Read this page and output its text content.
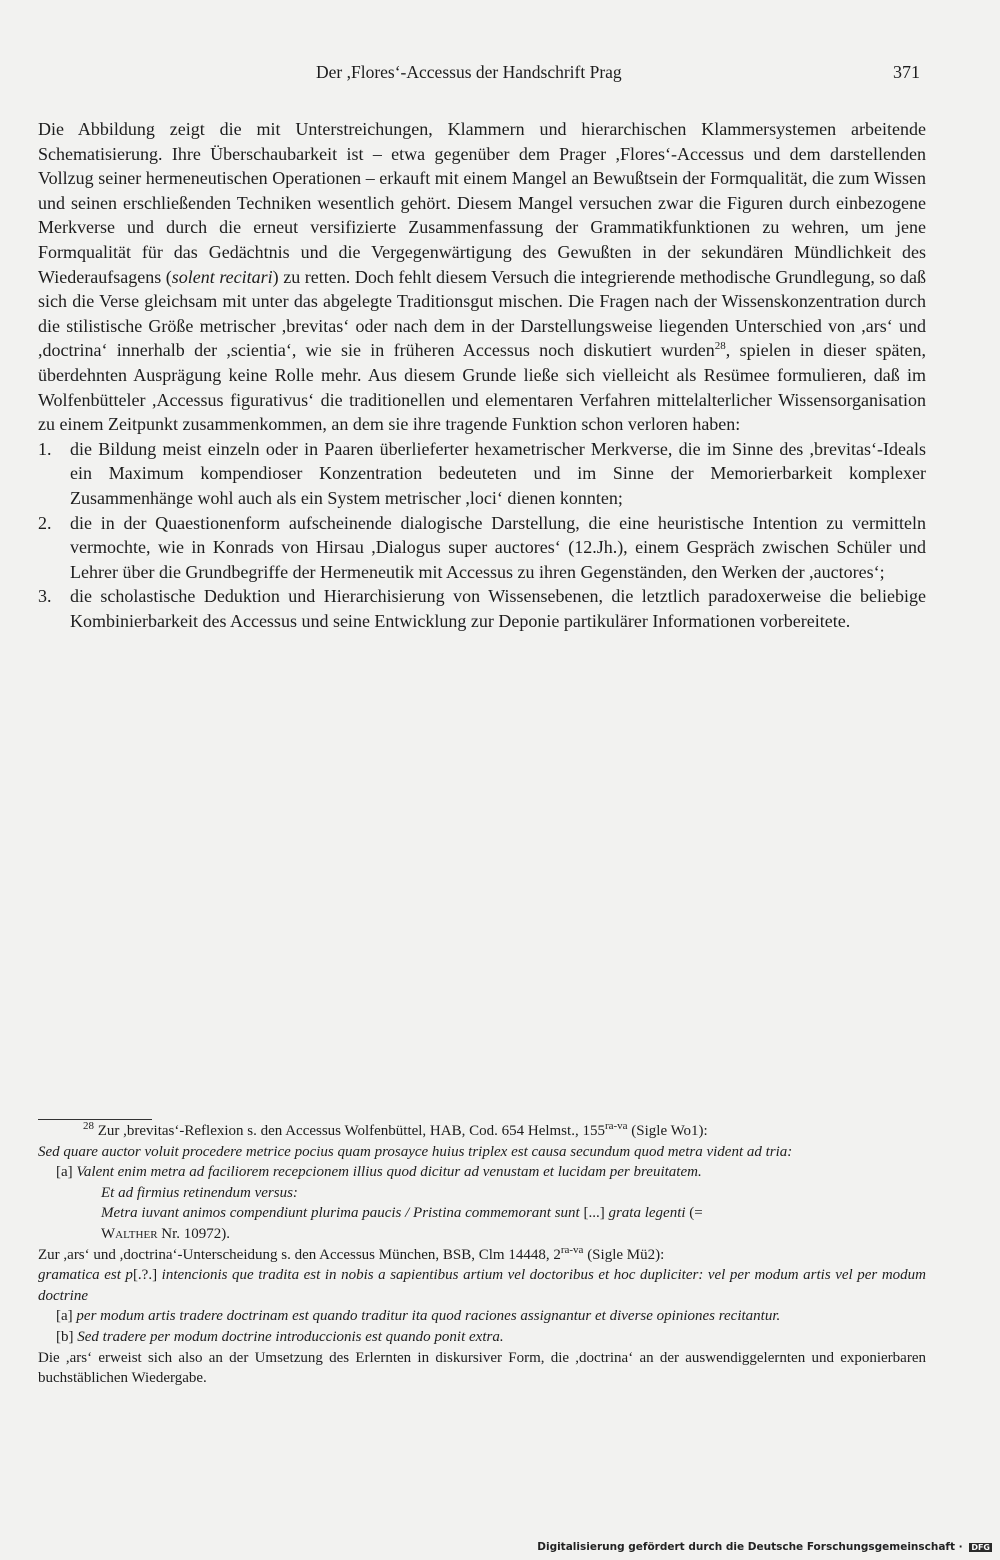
Der ,Flores‘-Accessus der Handschrift Prag	371

Die Abbildung zeigt die mit Unterstreichungen, Klammern und hierarchischen Klammersystemen arbeitende Schematisierung. Ihre Überschaubarkeit ist – etwa gegenüber dem Prager ,Flores‘-Accessus und dem darstellenden Vollzug seiner hermeneutischen Operationen – erkauft mit einem Mangel an Bewußtsein der Formqualität, die zum Wissen und seinen erschließenden Techniken wesentlich gehört. Diesem Mangel versuchen zwar die Figuren durch einbezogene Merkverse und durch die erneut versifizierte Zusammenfassung der Grammatikfunktionen zu wehren, um jene Formqualität für das Gedächtnis und die Vergegenwärtigung des Gewußten in der sekundären Mündlichkeit des Wiederaufsagens (solent recitari) zu retten. Doch fehlt diesem Versuch die integrierende methodische Grundlegung, so daß sich die Verse gleichsam mit unter das abgelegte Traditionsgut mischen. Die Fragen nach der Wissenskonzentration durch die stilistische Größe metrischer ,brevitas‘ oder nach dem in der Darstellungsweise liegenden Unterschied von ,ars‘ und ,doctrina‘ innerhalb der ,scientia‘, wie sie in früheren Accessus noch diskutiert wurden$^{28}$, spielen in dieser späten, überdehnten Ausprägung keine Rolle mehr. Aus diesem Grunde ließe sich vielleicht als Resümee formulieren, daß im Wolfenbütteler ,Accessus figurativus‘ die traditionellen und elementaren Verfahren mittelalterlicher Wissensorganisation zu einem Zeitpunkt zusammenkommen, an dem sie ihre tragende Funktion schon verloren haben:

1. die Bildung meist einzeln oder in Paaren überlieferter hexametrischer Merkverse, die im Sinne des ,brevitas‘-Ideals ein Maximum kompendioser Konzentration bedeuteten und im Sinne der Memorierbarkeit komplexer Zusammenhänge wohl auch als ein System metrischer ,loci‘ dienen konnten;
2. die in der Quaestionenform aufscheinende dialogische Darstellung, die eine heuristische Intention zu vermitteln vermochte, wie in Konrads von Hirsau ,Dialogus super auctores‘ (12.Jh.), einem Gespräch zwischen Schüler und Lehrer über die Grundbegriffe der Hermeneutik mit Accessus zu ihren Gegenständen, den Werken der ,auctores‘;
3. die scholastische Deduktion und Hierarchisierung von Wissensebenen, die letztlich paradoxerweise die beliebige Kombinierbarkeit des Accessus und seine Entwicklung zur Deponie partikulärer Informationen vorbereitete.

$^{28}$ Zur ,brevitas‘-Reflexion s. den Accessus Wolfenbüttel, HAB, Cod. 654 Helmst., $155^{ra-va}$ (Sigle Wo1):

Sed quare auctor voluit procedere metrice pocius quam prosayce huius triplex est causa secundum quod metra vident ad tria:

[a] Valent enim metra ad faciliorem recepcionem illius quod dicitur ad venustam et lucidam per breuitatem.

Et ad firmius retinendum versus:

Metra iuvant animos compendiunt plurima paucis / Pristina commemorant sunt [...] grata legenti (=
Walther Nr. 10972).

Zur ,ars‘ und ,doctrina‘-Unterscheidung s. den Accessus München, BSB, Clm 14448, $2^{ra-va}$ (Sigle Mü2):

gramatica est p[.?.] intencionis que tradita est in nobis a sapientibus artium vel doctoribus et hoc dupliciter: vel per modum artis vel per modum doctrine

[a] per modum artis tradere doctrinam est quando traditur ita quod raciones assignantur et diverse opiniones recitantur.

[b] Sed tradere per modum doctrine introduccionis est quando ponit extra.

Die ,ars‘ erweist sich also an der Umsetzung des Erlernten in diskursiver Form, die ,doctrina‘ an der auswendiggelernten und exponierbaren buchstäblichen Wiedergabe.

Digitalisierung gefördert durch die Deutsche Forschungsgemeinschaft · DFG
